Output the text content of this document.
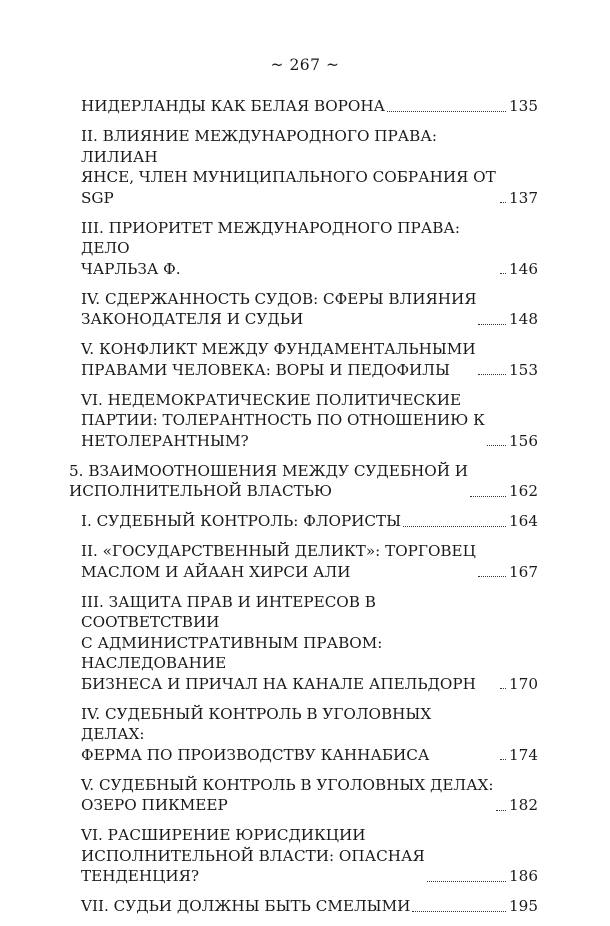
~ 267 ~
НИДЕРЛАНДЫ КАК БЕЛАЯ ВОРОНА	135
II. ВЛИЯНИЕ МЕЖДУНАРОДНОГО ПРАВА: ЛИЛИАН
ЯНСЕ, ЧЛЕН МУНИЦИПАЛЬНОГО СОБРАНИЯ ОТ SGP	137
III. ПРИОРИТЕТ МЕЖДУНАРОДНОГО ПРАВА: ДЕЛО
ЧАРЛЬЗА Ф.	146
IV. СДЕРЖАННОСТЬ СУДОВ: СФЕРЫ ВЛИЯНИЯ
ЗАКОНОДАТЕЛЯ И СУДЬИ	148
V. КОНФЛИКТ МЕЖДУ ФУНДАМЕНТАЛЬНЫМИ
ПРАВАМИ ЧЕЛОВЕКА: ВОРЫ И ПЕДОФИЛЫ	153
VI. НЕДЕМОКРАТИЧЕСКИЕ ПОЛИТИЧЕСКИЕ
ПАРТИИ: ТОЛЕРАНТНОСТЬ ПО ОТНОШЕНИЮ К
НЕТОЛЕРАНТНЫМ?	156
5. ВЗАИМООТНОШЕНИЯ МЕЖДУ СУДЕБНОЙ И
ИСПОЛНИТЕЛЬНОЙ ВЛАСТЬЮ	162
I. СУДЕБНЫЙ КОНТРОЛЬ: ФЛОРИСТЫ	164
II. «ГОСУДАРСТВЕННЫЙ ДЕЛИКТ»: ТОРГОВЕЦ
МАСЛОМ И АЙААН ХИРСИ АЛИ	167
III. ЗАЩИТА ПРАВ И ИНТЕРЕСОВ В СООТВЕТСТВИИ
С АДМИНИСТРАТИВНЫМ ПРАВОМ: НАСЛЕДОВАНИЕ
БИЗНЕСА И ПРИЧАЛ НА КАНАЛЕ АПЕЛЬДОРН	170
IV. СУДЕБНЫЙ КОНТРОЛЬ В УГОЛОВНЫХ ДЕЛАХ:
ФЕРМА ПО ПРОИЗВОДСТВУ КАННАБИСА	174
V. СУДЕБНЫЙ КОНТРОЛЬ В УГОЛОВНЫХ ДЕЛАХ:
ОЗЕРО ПИКМЕЕР	182
VI. РАСШИРЕНИЕ ЮРИСДИКЦИИ
ИСПОЛНИТЕЛЬНОЙ ВЛАСТИ: ОПАСНАЯ
ТЕНДЕНЦИЯ?	186
VII. СУДЬИ ДОЛЖНЫ БЫТЬ СМЕЛЫМИ	195
